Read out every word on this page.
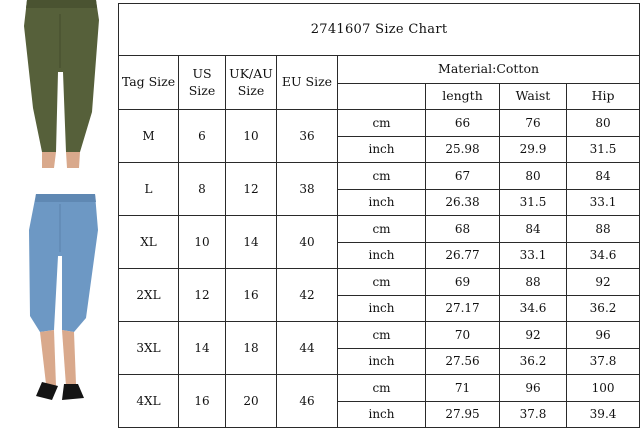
2741607 Size Chart							
Tag Size	US Size	UK/AU Size	EU Size	Material:Cotton			
					length	Waist	Hip
M	6	10	36	cm	66	76	80
				inch	25.98	29.9	31.5
L	8	12	38	cm	67	80	84
				inch	26.38	31.5	33.1
XL	10	14	40	cm	68	84	88
				inch	26.77	33.1	34.6
2XL	12	16	42	cm	69	88	92
				inch	27.17	34.6	36.2
3XL	14	18	44	cm	70	92	96
				inch	27.56	36.2	37.8
4XL	16	20	46	cm	71	96	100
				inch	27.95	37.8	39.4
